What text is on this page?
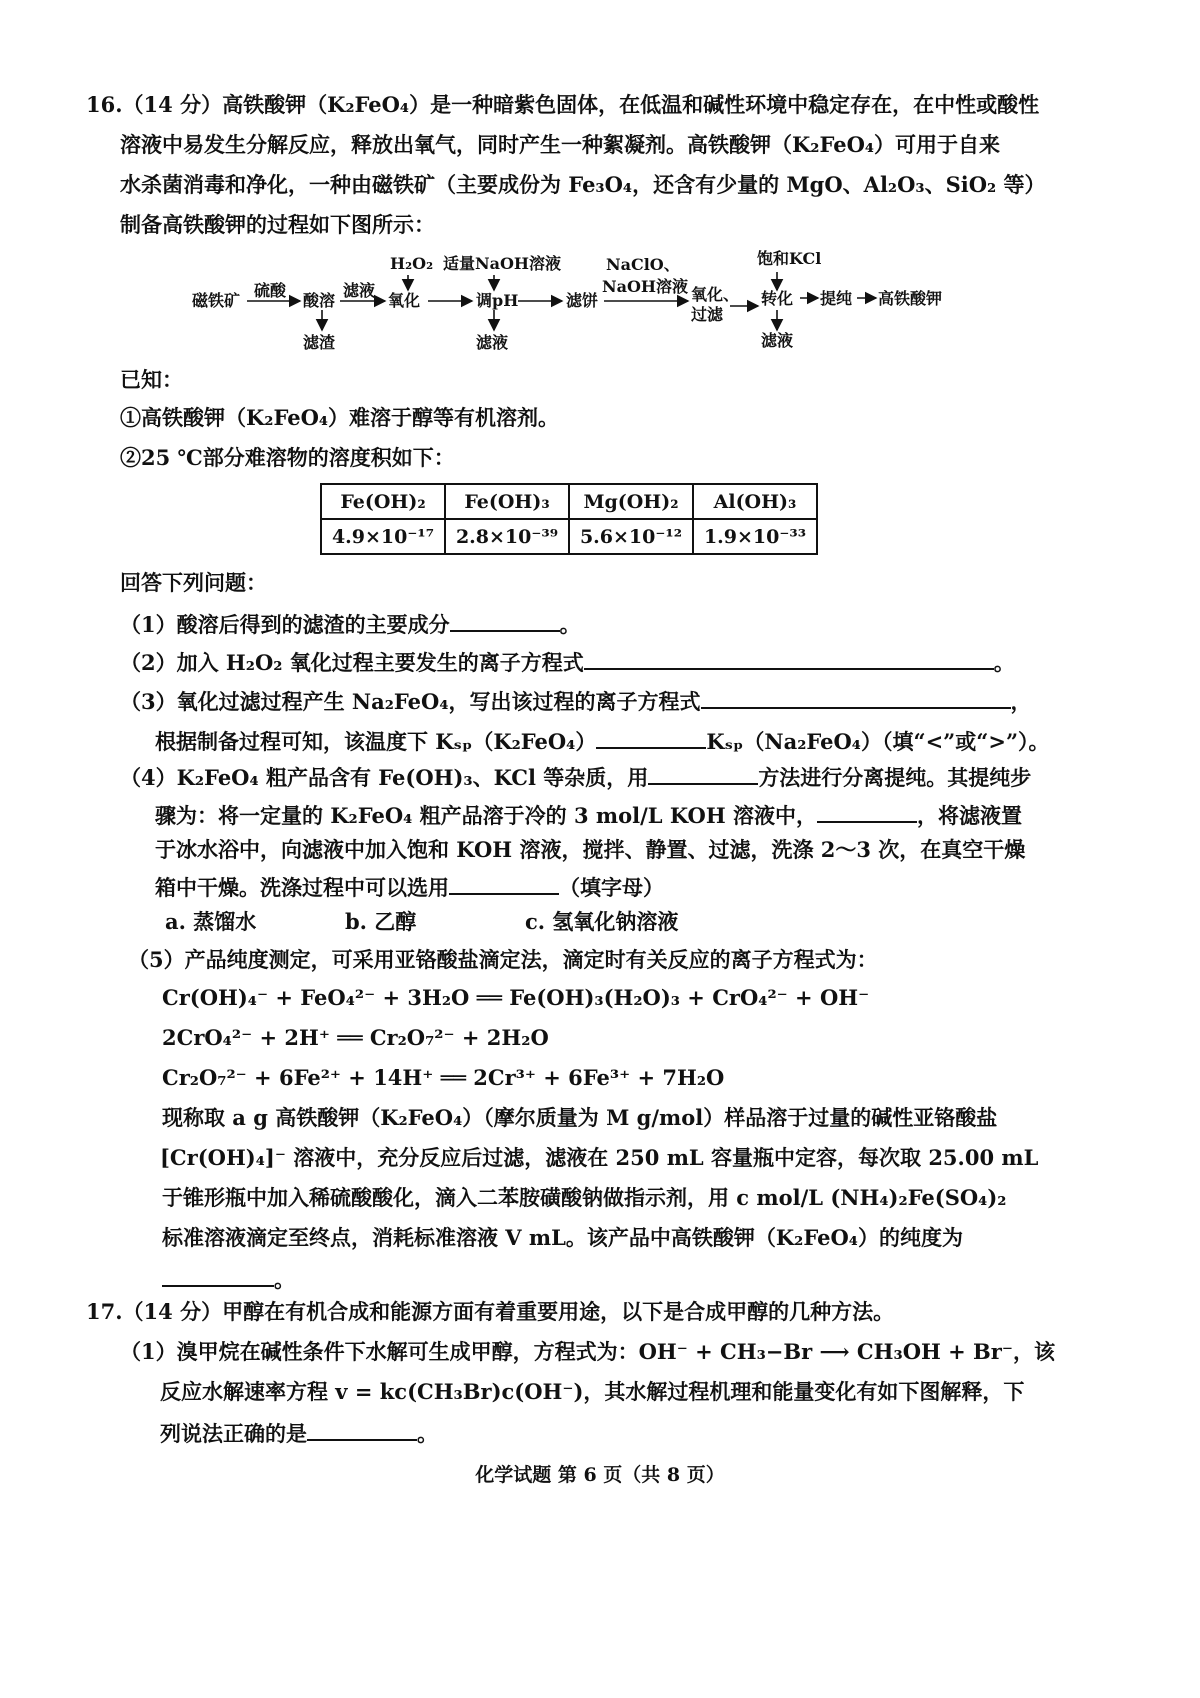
16.（14 分）高铁酸钾（K₂FeO₄）是一种暗紫色固体，在低温和碱性环境中稳定存在，在中性或酸性
溶液中易发生分解反应，释放出氧气，同时产生一种絮凝剂。高铁酸钾（K₂FeO₄）可用于自来
水杀菌消毒和净化，一种由磁铁矿（主要成份为 Fe₃O₄，还含有少量的 MgO、Al₂O₃、SiO₂ 等）
制备高铁酸钾的过程如下图所示：
磁铁矿
硫酸
酸溶
滤渣
滤液
H₂O₂
氧化
适量NaOH溶液
调pH
滤液
滤饼
NaClO、
NaOH溶液 氧化、
过滤
饱和KCl
转化
滤液
提纯 高铁酸钾
已知：
①高铁酸钾（K₂FeO₄）难溶于醇等有机溶剂。
②25 ℃部分难溶物的溶度积如下：
Fe(OH)₂	Fe(OH)₃	Mg(OH)₂	Al(OH)₃
4.9×10⁻¹⁷	2.8×10⁻³⁹	5.6×10⁻¹²	1.9×10⁻³³
回答下列问题：
（1）酸溶后得到的滤渣的主要成分	。
（2）加入 H₂O₂ 氧化过程主要发生的离子方程式	。
（3）氧化过滤过程产生 Na₂FeO₄，写出该过程的离子方程式	，
根据制备过程可知，该温度下 Kₛₚ（K₂FeO₄）	Kₛₚ（Na₂FeO₄）（填“<”或“>”）。
（4）K₂FeO₄ 粗产品含有 Fe(OH)₃、KCl 等杂质，用	方法进行分离提纯。其提纯步
骤为：将一定量的 K₂FeO₄ 粗产品溶于冷的 3 mol/L KOH 溶液中，	，将滤液置
于冰水浴中，向滤液中加入饱和 KOH 溶液，搅拌、静置、过滤，洗涤 2～3 次，在真空干燥
箱中干燥。洗涤过程中可以选用	（填字母）
a. 蒸馏水	b. 乙醇	c. 氢氧化钠溶液
（5）产品纯度测定，可采用亚铬酸盐滴定法，滴定时有关反应的离子方程式为：
Cr(OH)₄⁻ + FeO₄²⁻ + 3H₂O ══ Fe(OH)₃(H₂O)₃ + CrO₄²⁻ + OH⁻
2CrO₄²⁻ + 2H⁺ ══ Cr₂O₇²⁻ + 2H₂O
Cr₂O₇²⁻ + 6Fe²⁺ + 14H⁺ ══ 2Cr³⁺ + 6Fe³⁺ + 7H₂O
现称取 a g 高铁酸钾（K₂FeO₄）（摩尔质量为 M g/mol）样品溶于过量的碱性亚铬酸盐
[Cr(OH)₄]⁻ 溶液中，充分反应后过滤，滤液在 250 mL 容量瓶中定容，每次取 25.00 mL
于锥形瓶中加入稀硫酸酸化，滴入二苯胺磺酸钠做指示剂，用 c mol/L (NH₄)₂Fe(SO₄)₂
标准溶液滴定至终点，消耗标准溶液 V mL。该产品中高铁酸钾（K₂FeO₄）的纯度为
。
17.（14 分）甲醇在有机合成和能源方面有着重要用途，以下是合成甲醇的几种方法。
（1）溴甲烷在碱性条件下水解可生成甲醇，方程式为：OH⁻ + CH₃−Br ⟶ CH₃OH + Br⁻，该
反应水解速率方程 v = kc(CH₃Br)c(OH⁻)，其水解过程机理和能量变化有如下图解释，下
列说法正确的是	。
化学试题 第 6 页（共 8 页）
